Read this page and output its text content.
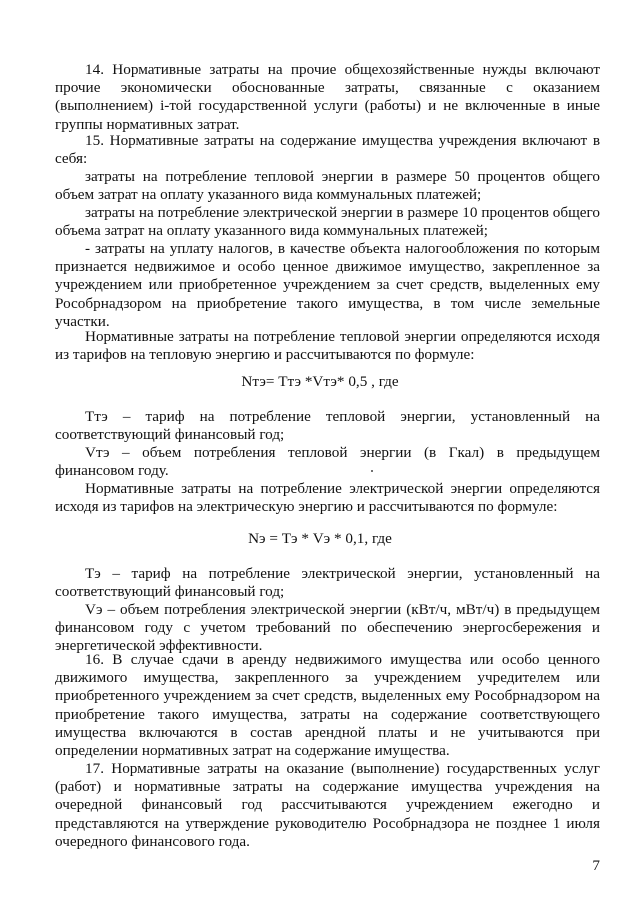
14. Нормативные затраты на прочие общехозяйственные нужды включают прочие экономически обоснованные затраты, связанные с оказанием (выполнением) i-той государственной услуги (работы) и не включенные в иные группы нормативных затрат.

15. Нормативные затраты на содержание имущества учреждения включают в себя:

затраты на потребление тепловой энергии в размере 50 процентов общего объем затрат на оплату указанного вида коммунальных платежей;

затраты на потребление электрической энергии в размере 10 процентов общего объема затрат на оплату указанного вида коммунальных платежей;

- затраты на уплату налогов, в качестве объекта налогообложения по которым признается недвижимое и особо ценное движимое имущество, закрепленное за учреждением или приобретенное учреждением за счет средств, выделенных ему Рособрнадзором на приобретение такого имущества, в том числе земельные участки.

Нормативные затраты на потребление тепловой энергии определяются исходя из тарифов на тепловую энергию и рассчитываются по формуле:

Nтэ= Tтэ *Vтэ* 0,5 , где

Tтэ – тариф на потребление тепловой энергии, установленный на соответствующий финансовый год;

Vтэ – объем потребления тепловой энергии (в Гкал) в предыдущем финансовом году.

Нормативные затраты на потребление электрической энергии определяются исходя из тарифов на электрическую энергию и рассчитываются по формуле:

Nэ = Tэ * Vэ * 0,1, где

Тэ – тариф на потребление электрической энергии, установленный на соответствующий финансовый год;

Vэ – объем потребления электрической энергии (кВт/ч, мВт/ч) в предыдущем финансовом году с учетом требований по обеспечению энергосбережения и энергетической эффективности.

16. В случае сдачи в аренду недвижимого имущества или особо ценного движимого имущества, закрепленного за учреждением учредителем или приобретенного учреждением за счет средств, выделенных ему Рособрнадзором на приобретение такого имущества, затраты на содержание соответствующего имущества включаются в состав арендной платы и не учитываются при определении нормативных затрат на содержание имущества.

17. Нормативные затраты на оказание (выполнение) государственных услуг (работ) и нормативные затраты на содержание имущества учреждения на очередной финансовый год рассчитываются учреждением ежегодно и представляются на утверждение руководителю Рособрнадзора не позднее 1 июля очередного финансового года.

7
